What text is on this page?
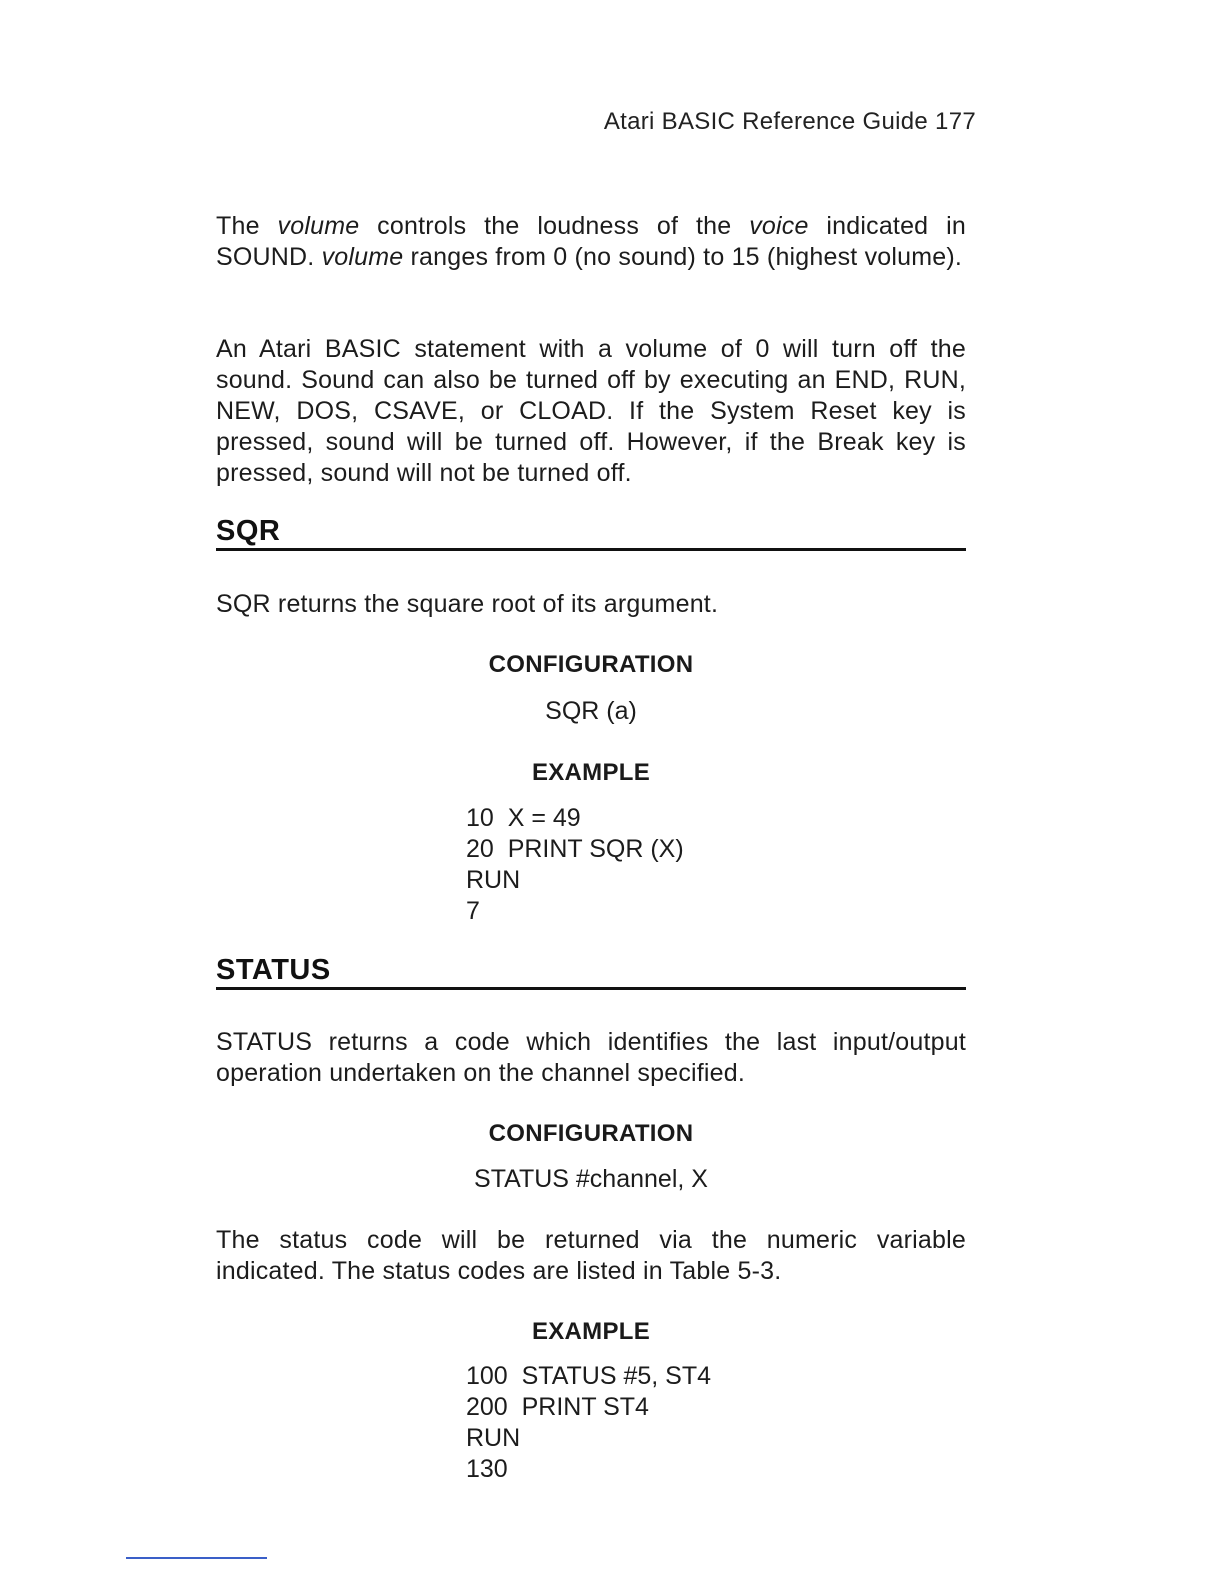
Atari BASIC Reference Guide 177
The volume controls the loudness of the voice indicated in SOUND. volume ranges from 0 (no sound) to 15 (highest volume).
An Atari BASIC statement with a volume of 0 will turn off the sound. Sound can also be turned off by executing an END, RUN, NEW, DOS, CSAVE, or CLOAD. If the System Reset key is pressed, sound will be turned off. However, if the Break key is pressed, sound will not be turned off.
SQR
SQR returns the square root of its argument.
CONFIGURATION
SQR (a)
EXAMPLE
10  X = 49
20  PRINT SQR (X)
RUN
7
STATUS
STATUS returns a code which identifies the last input/output operation undertaken on the channel specified.
CONFIGURATION
STATUS #channel, X
The status code will be returned via the numeric variable indicated. The status codes are listed in Table 5-3.
EXAMPLE
100  STATUS #5, ST4
200  PRINT ST4
RUN
130
